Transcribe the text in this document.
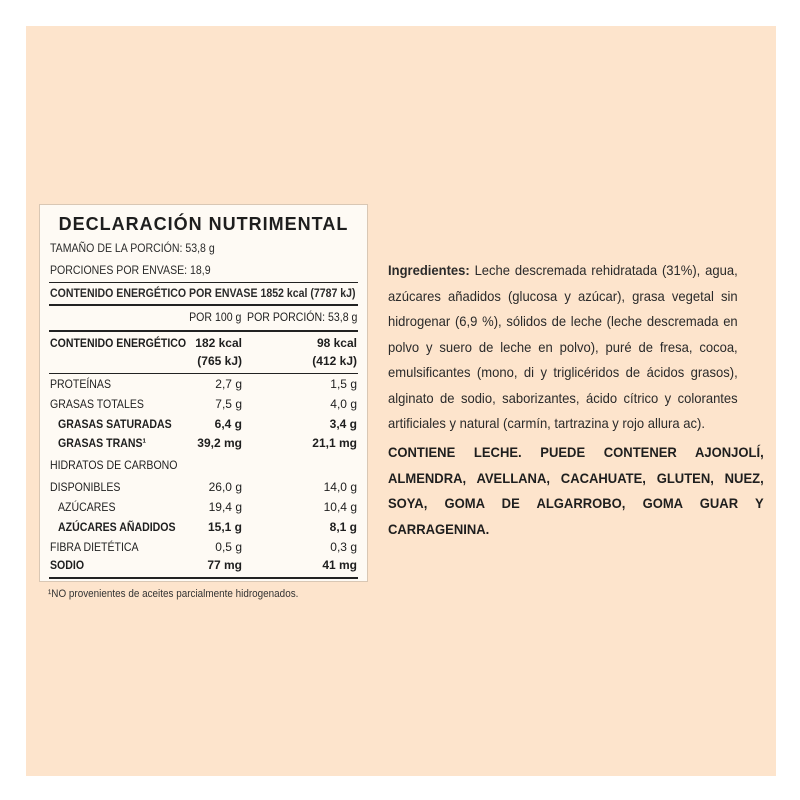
DECLARACIÓN NUTRIMENTAL
TAMAÑO DE LA PORCIÓN: 53,8 g
PORCIONES POR ENVASE: 18,9
CONTENIDO ENERGÉTICO POR ENVASE 1852 kcal (7787 kJ)
POR 100 g POR PORCIÓN: 53,8 g
CONTENIDO ENERGÉTICO 182 kcal	98 kcal
(765 kJ)	(412 kJ)
PROTEÍNAS	2,7 g	1,5 g
GRASAS TOTALES	7,5 g	4,0 g
GRASAS SATURADAS	6,4 g	3,4 g
GRASAS TRANS¹	39,2 mg	21,1 mg
HIDRATOS DE CARBONO
DISPONIBLES	26,0 g	14,0 g
AZÚCARES	19,4 g	10,4 g
AZÚCARES AÑADIDOS	15,1 g	8,1 g
FIBRA DIETÉTICA	0,5 g	0,3 g
SODIO	77 mg	41 mg
¹NO provenientes de aceites parcialmente hidrogenados.
Ingredientes: Leche descremada rehidratada (31%), agua, azúcares añadidos (glucosa y azúcar), grasa vegetal sin hidrogenar (6,9 %), sólidos de leche (leche descremada en polvo y suero de leche en polvo), puré de fresa, cocoa, emulsificantes (mono, di y triglicéridos de ácidos grasos), alginato de sodio, saborizantes, ácido cítrico y colorantes artificiales y natural (carmín, tartrazina y rojo allura ac).
CONTIENE LECHE. PUEDE CONTENER AJONJOLÍ, ALMENDRA, AVELLANA, CACAHUATE, GLUTEN, NUEZ, SOYA, GOMA DE ALGARROBO, GOMA GUAR Y CARRAGENINA.
